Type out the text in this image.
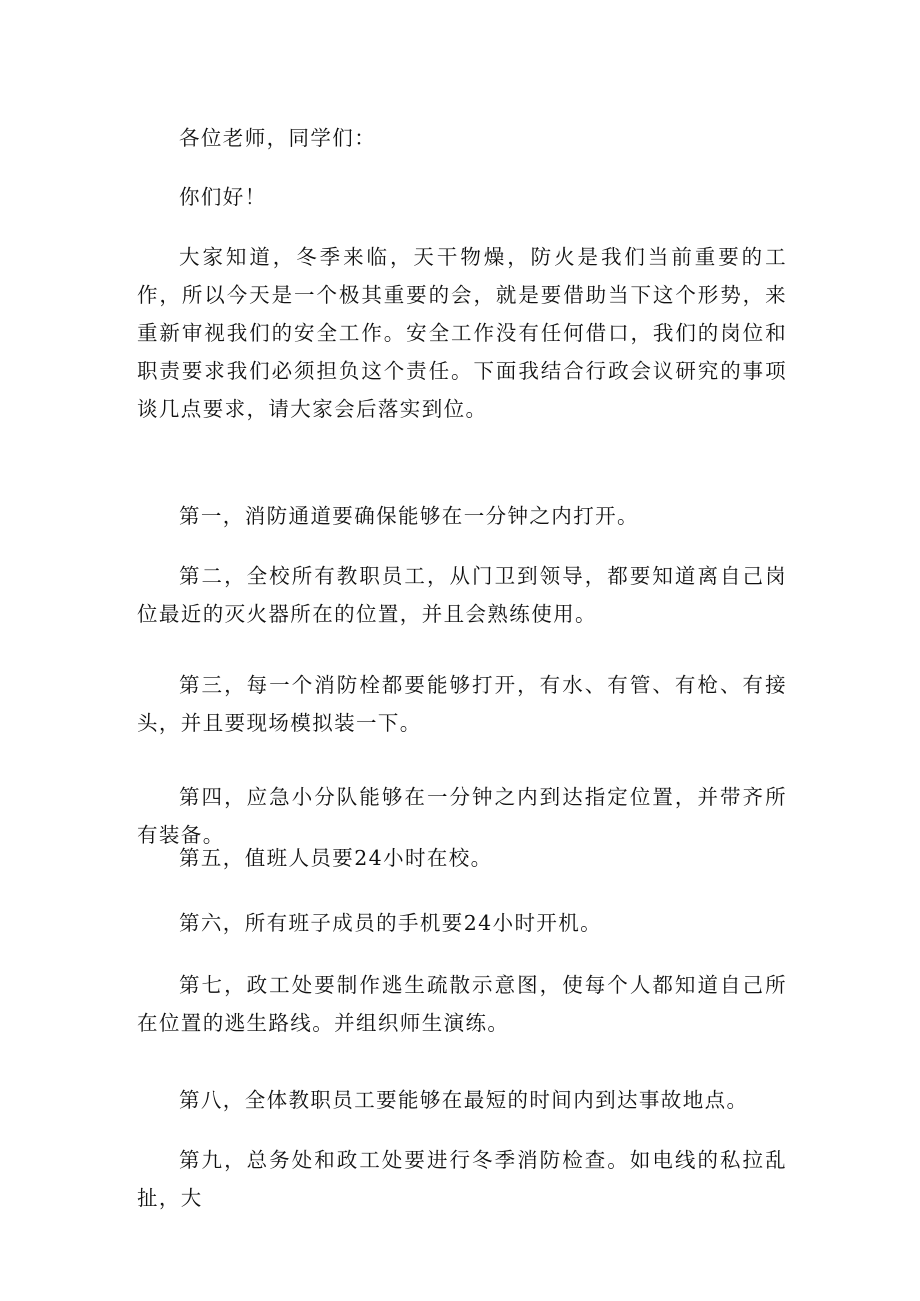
各位老师，同学们：

你们好！

大家知道，冬季来临，天干物燥，防火是我们当前重要的工作，所以今天是一个极其重要的会，就是要借助当下这个形势，来重新审视我们的安全工作。安全工作没有任何借口，我们的岗位和职责要求我们必须担负这个责任。下面我结合行政会议研究的事项谈几点要求，请大家会后落实到位。

第一，消防通道要确保能够在一分钟之内打开。

第二，全校所有教职员工，从门卫到领导，都要知道离自己岗位最近的灭火器所在的位置，并且会熟练使用。

第三，每一个消防栓都要能够打开，有水、有管、有枪、有接头，并且要现场模拟装一下。

第四，应急小分队能够在一分钟之内到达指定位置，并带齐所有装备。

第五，值班人员要24小时在校。

第六，所有班子成员的手机要24小时开机。

第七，政工处要制作逃生疏散示意图，使每个人都知道自己所在位置的逃生路线。并组织师生演练。

第八，全体教职员工要能够在最短的时间内到达事故地点。

第九，总务处和政工处要进行冬季消防检查。如电线的私拉乱扯，大
